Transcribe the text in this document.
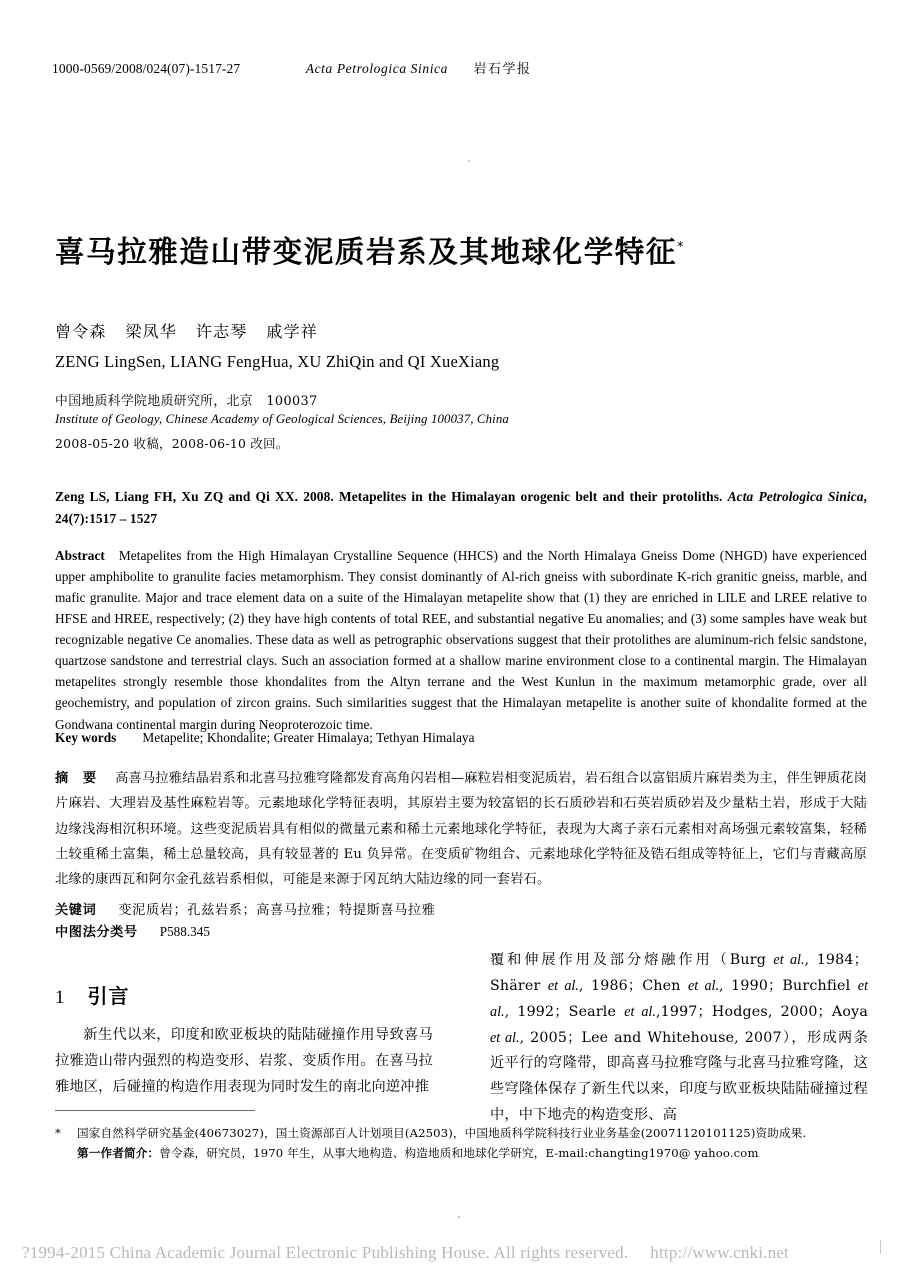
1000-0569/2008/024(07)-1517-27	Acta Petrologica Sinica 岩石学报
喜马拉雅造山带变泥质岩系及其地球化学特征*
曾令森   梁凤华   许志琴   戚学祥
ZENG LingSen, LIANG FengHua, XU ZhiQin and QI XueXiang
中国地质科学院地质研究所，北京   100037
Institute of Geology, Chinese Academy of Geological Sciences, Beijing 100037, China
2008-05-20 收稿，2008-06-10 改回。
Zeng LS, Liang FH, Xu ZQ and Qi XX. 2008. Metapelites in the Himalayan orogenic belt and their protoliths. Acta Petrologica Sinica, 24(7):1517 – 1527
Abstract Metapelites from the High Himalayan Crystalline Sequence (HHCS) and the North Himalaya Gneiss Dome (NHGD) have experienced upper amphibolite to granulite facies metamorphism. They consist dominantly of Al-rich gneiss with subordinate K-rich granitic gneiss, marble, and mafic granulite. Major and trace element data on a suite of the Himalayan metapelite show that (1) they are enriched in LILE and LREE relative to HFSE and HREE, respectively; (2) they have high contents of total REE, and substantial negative Eu anomalies; and (3) some samples have weak but recognizable negative Ce anomalies. These data as well as petrographic observations suggest that their protolithes are aluminum-rich felsic sandstone, quartzose sandstone and terrestrial clays. Such an association formed at a shallow marine environment close to a continental margin. The Himalayan metapelites strongly resemble those khondalites from the Altyn terrane and the West Kunlun in the maximum metamorphic grade, over all geochemistry, and population of zircon grains. Such similarities suggest that the Himalayan metapelite is another suite of khondalite formed at the Gondwana continental margin during Neoproterozoic time.
Key words Metapelite; Khondalite; Greater Himalaya; Tethyan Himalaya
摘 要 高喜马拉雅结晶岩系和北喜马拉雅穹隆都发育高角闪岩相—麻粒岩相变泥质岩，岩石组合以富铝质片麻岩类为主，伴生钾质花岗片麻岩、大理岩及基性麻粒岩等。元素地球化学特征表明，其原岩主要为较富铝的长石质砂岩和石英岩质砂岩及少量粘土岩，形成于大陆边缘浅海相沉积环境。这些变泥质岩具有相似的微量元素和稀土元素地球化学特征，表现为大离子亲石元素相对高场强元素较富集，轻稀土较重稀土富集，稀土总量较高，具有较显著的 Eu 负异常。在变质矿物组合、元素地球化学特征及锆石组成等特征上，它们与青藏高原北缘的康西瓦和阿尔金孔兹岩系相似，可能是来源于冈瓦纳大陆边缘的同一套岩石。
关键词 变泥质岩；孔兹岩系；高喜马拉雅；特提斯喜马拉雅
中图法分类号 P588.345
1 引言

新生代以来，印度和欧亚板块的陆陆碰撞作用导致喜马拉雅造山带内强烈的构造变形、岩浆、变质作用。在喜马拉雅地区，后碰撞的构造作用表现为同时发生的南北向逆冲推

覆和伸展作用及部分熔融作用（Burg et al., 1984；Shärer et al., 1986；Chen et al., 1990；Burchfiel et al., 1992；Searle et al.,1997；Hodges, 2000；Aoya et al., 2005；Lee and Whitehouse, 2007），形成两条近平行的穹隆带，即高喜马拉雅穹隆与北喜马拉雅穹隆，这些穹隆体保存了新生代以来，印度与欧亚板块陆陆碰撞过程中，中下地壳的构造变形、高

*	国家自然科学研究基金(40673027)，国土资源部百人计划项目(A2503)，中国地质科学院科技行业业务基金(20071120101125)资助成果.
第一作者简介：曾令森，研究员，1970 年生，从事大地构造、构造地质和地球化学研究，E-mail:changting1970@ yahoo.com
?1994-2015 China Academic Journal Electronic Publishing House. All rights reserved. http://www.cnki.net
